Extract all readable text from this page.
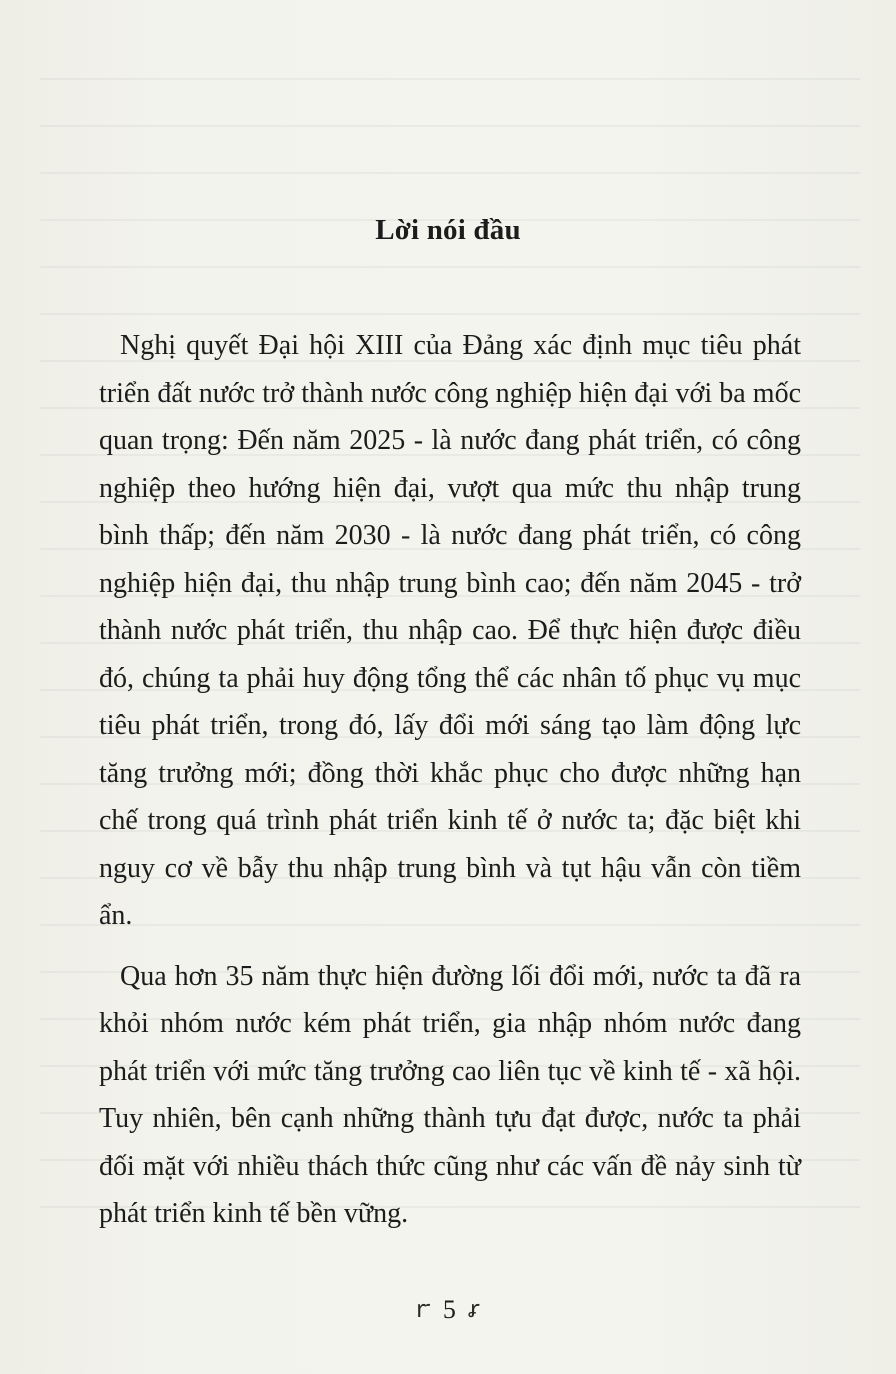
Lời nói đầu

Nghị quyết Đại hội XIII của Đảng xác định mục tiêu phát triển đất nước trở thành nước công nghiệp hiện đại với ba mốc quan trọng: Đến năm 2025 - là nước đang phát triển, có công nghiệp theo hướng hiện đại, vượt qua mức thu nhập trung bình thấp; đến năm 2030 - là nước đang phát triển, có công nghiệp hiện đại, thu nhập trung bình cao; đến năm 2045 - trở thành nước phát triển, thu nhập cao. Để thực hiện được điều đó, chúng ta phải huy động tổng thể các nhân tố phục vụ mục tiêu phát triển, trong đó, lấy đổi mới sáng tạo làm động lực tăng trưởng mới; đồng thời khắc phục cho được những hạn chế trong quá trình phát triển kinh tế ở nước ta; đặc biệt khi nguy cơ về bẫy thu nhập trung bình và tụt hậu vẫn còn tiềm ẩn.

Qua hơn 35 năm thực hiện đường lối đổi mới, nước ta đã ra khỏi nhóm nước kém phát triển, gia nhập nhóm nước đang phát triển với mức tăng trưởng cao liên tục về kinh tế - xã hội. Tuy nhiên, bên cạnh những thành tựu đạt được, nước ta phải đối mặt với nhiều thách thức cũng như các vấn đề nảy sinh từ phát triển kinh tế bền vững.

ꭈ 5 ꭉ
